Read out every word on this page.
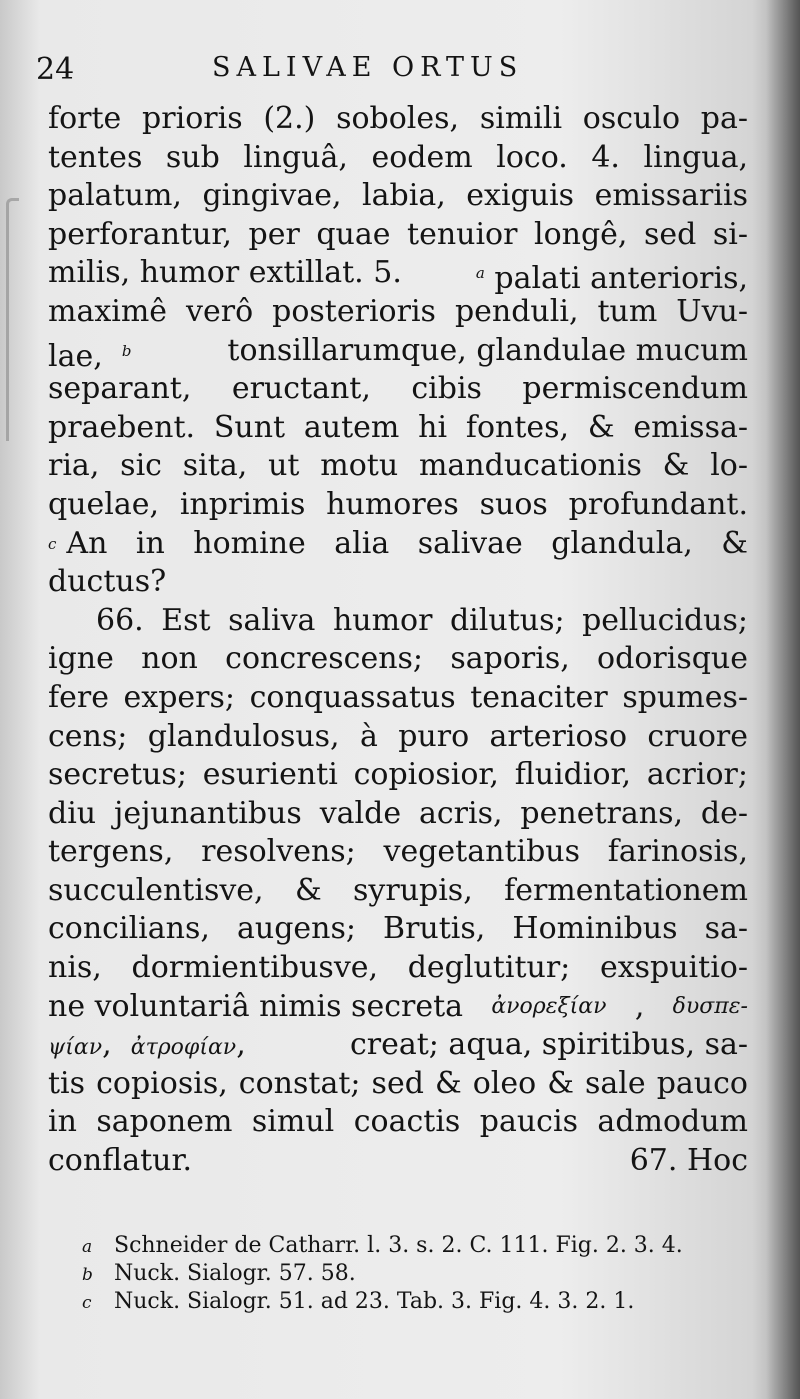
24	SALIVAE ORTUS
forte prioris (2.) soboles, simili osculo pa-
tentes sub linguâ, eodem loco. 4. lingua,
palatum, gingivae, labia, exiguis emissariis
perforantur, per quae tenuior longê, sed si-
milis, humor extillat. 5.	$^a$ palati anterioris,
maximê verô posterioris penduli, tum Uvu-
lae, $^b$	tonsillarumque, glandulae mucum
separant, eructant, cibis permiscendum
praebent. Sunt autem hi fontes, & emissa-
ria, sic sita, ut motu manducationis & lo-
quelae, inprimis humores suos profundant.
c An in homine alia salivae glandula, &
ductus?
66. Est saliva humor dilutus; pellucidus;
igne non concrescens; saporis, odorisque
fere expers; conquassatus tenaciter spumes-
cens; glandulosus, à puro arterioso cruore
secretus; esurienti copiosior, fluidior, acrior;
diu jejunantibus valde acris, penetrans, de-
tergens, resolvens; vegetantibus farinosis,
succulentisve, & syrupis, fermentationem
concilians, augens; Brutis, Hominibus sa-
nis, dormientibusve, deglutitur; exspuitio-
ne voluntariâ nimis secreta ἀνορεξίαν , δυσπε-
ψίαν,  ἀτροφίαν,	creat; aqua, spiritibus, sa-
tis copiosis, constat; sed & oleo & sale pauco
in saponem simul coactis paucis admodum
conflatur.	67. Hoc
a Schneider de Catharr. l. 3. s. 2. C. 111. Fig. 2. 3. 4.
b Nuck. Sialogr. 57. 58.
c Nuck. Sialogr. 51. ad 23. Tab. 3. Fig. 4. 3. 2. 1.
